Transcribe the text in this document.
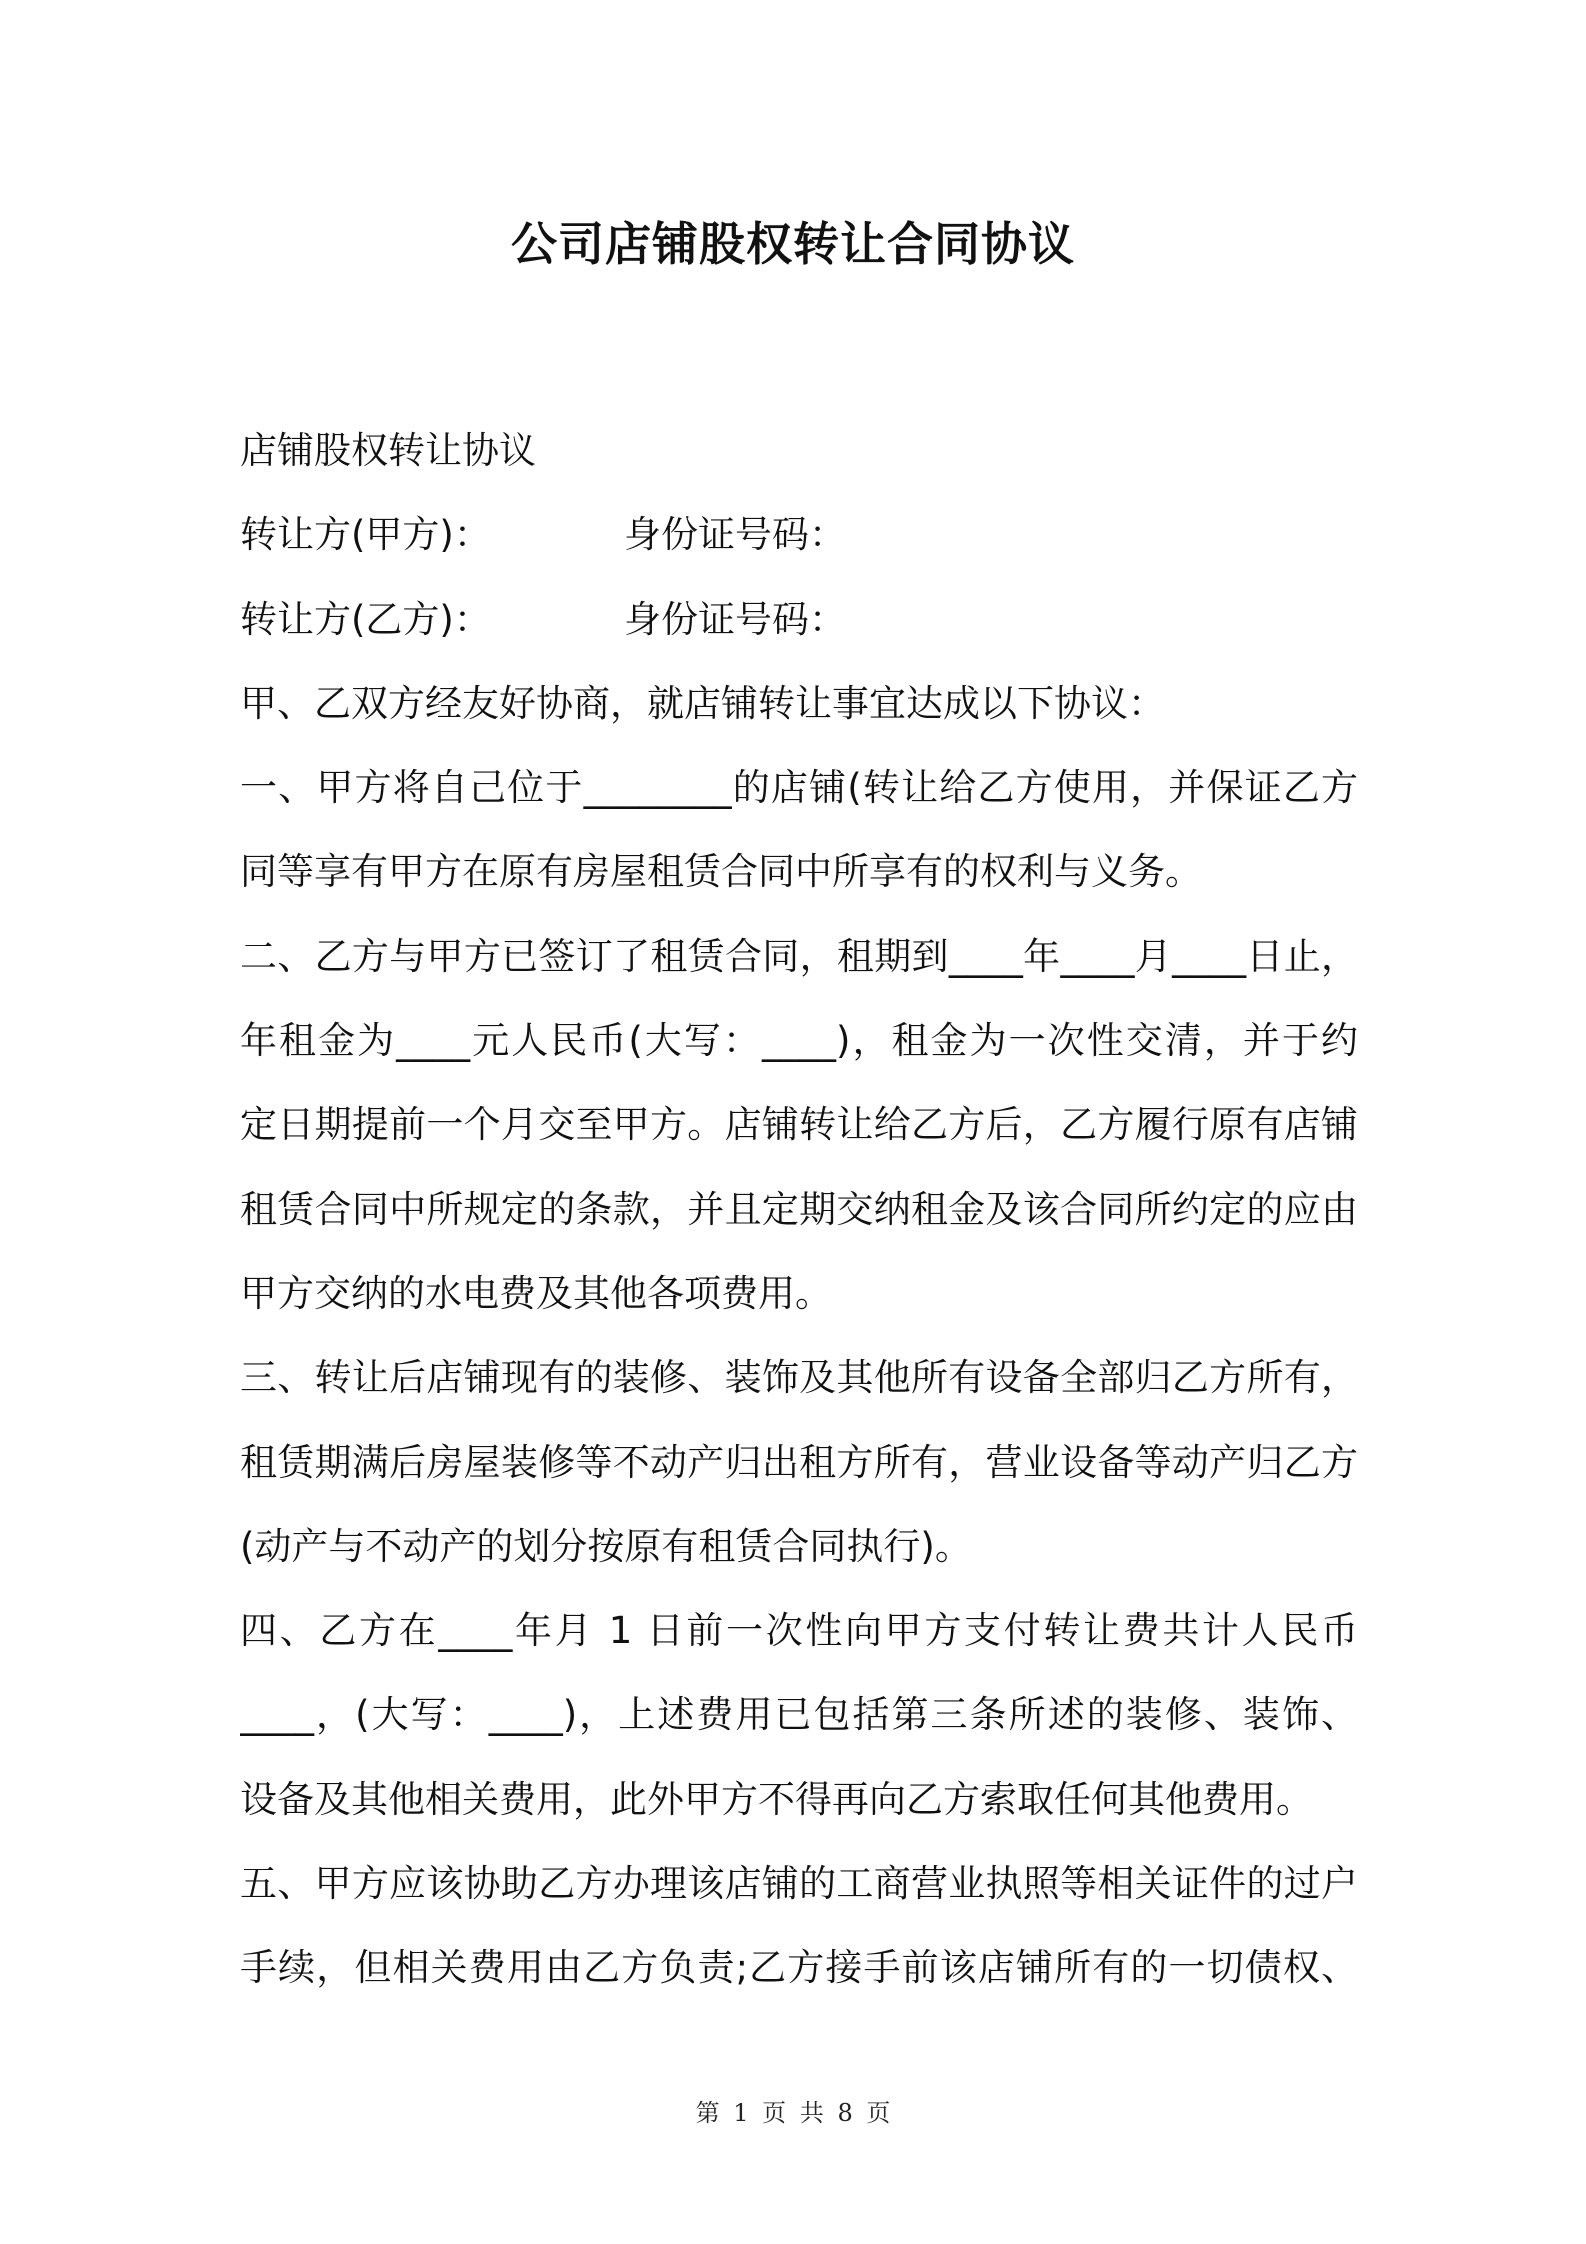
公司店铺股权转让合同协议
店铺股权转让协议
转让方(甲方)：	身份证号码：
转让方(乙方)：	身份证号码：
甲、乙双方经友好协商，就店铺转让事宜达成以下协议：
一、甲方将自己位于________的店铺(转让给乙方使用，并保证乙方
同等享有甲方在原有房屋租赁合同中所享有的权利与义务。
二、乙方与甲方已签订了租赁合同，租期到____年____月____日止，
年租金为____元人民币(大写：____)，租金为一次性交清，并于约
定日期提前一个月交至甲方。店铺转让给乙方后，乙方履行原有店铺
租赁合同中所规定的条款，并且定期交纳租金及该合同所约定的应由
甲方交纳的水电费及其他各项费用。
三、转让后店铺现有的装修、装饰及其他所有设备全部归乙方所有，
租赁期满后房屋装修等不动产归出租方所有，营业设备等动产归乙方
(动产与不动产的划分按原有租赁合同执行)。
四、乙方在____年月 1 日前一次性向甲方支付转让费共计人民币
____，(大写：____)，上述费用已包括第三条所述的装修、装饰、
设备及其他相关费用，此外甲方不得再向乙方索取任何其他费用。
五、甲方应该协助乙方办理该店铺的工商营业执照等相关证件的过户
手续，但相关费用由乙方负责;乙方接手前该店铺所有的一切债权、
第 1 页 共 8 页
